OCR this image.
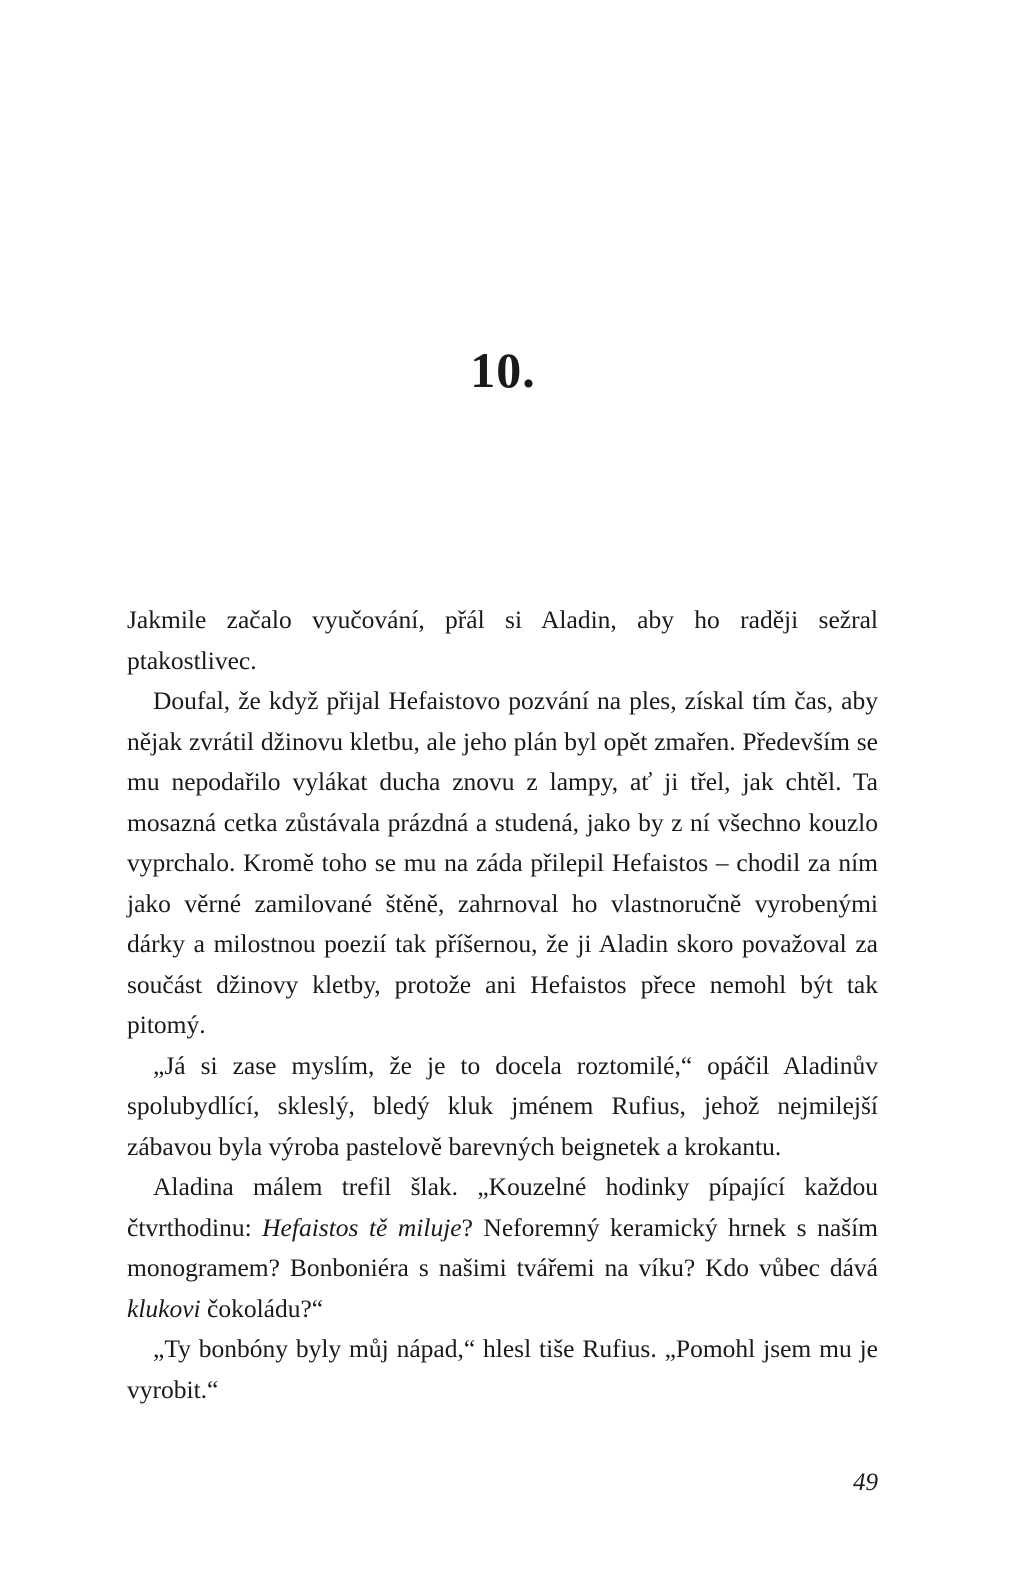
10.

Jakmile začalo vyučování, přál si Aladin, aby ho raději sežral ptakostlivec.

Doufal, že když přijal Hefaistovo pozvání na ples, získal tím čas, aby nějak zvrátil džinovu kletbu, ale jeho plán byl opět zmařen. Především se mu nepodařilo vylákat ducha znovu z lampy, ať ji třel, jak chtěl. Ta mosazná cetka zůstávala prázdná a studená, jako by z ní všechno kouzlo vyprchalo. Kromě toho se mu na záda přilepil Hefaistos – chodil za ním jako věrné zamilované štěně, zahrnoval ho vlastnoručně vyrobenými dárky a milostnou poezií tak příšernou, že ji Aladin skoro považoval za součást džinovy kletby, protože ani Hefaistos přece nemohl být tak pitomý.

„Já si zase myslím, že je to docela roztomilé,“ opáčil Aladinův spolubydlící, skleslý, bledý kluk jménem Rufius, jehož nejmilejší zábavou byla výroba pastelově barevných beignetek a krokantu.

Aladina málem trefil šlak. „Kouzelné hodinky pípající každou čtvrthodinu: Hefaistos tě miluje? Neforemný keramický hrnek s naším monogramem? Bonboniéra s našimi tvářemi na víku? Kdo vůbec dává klukovi čokoládu?“

„Ty bonbóny byly můj nápad,“ hlesl tiše Rufius. „Pomohl jsem mu je vyrobit.“

49
